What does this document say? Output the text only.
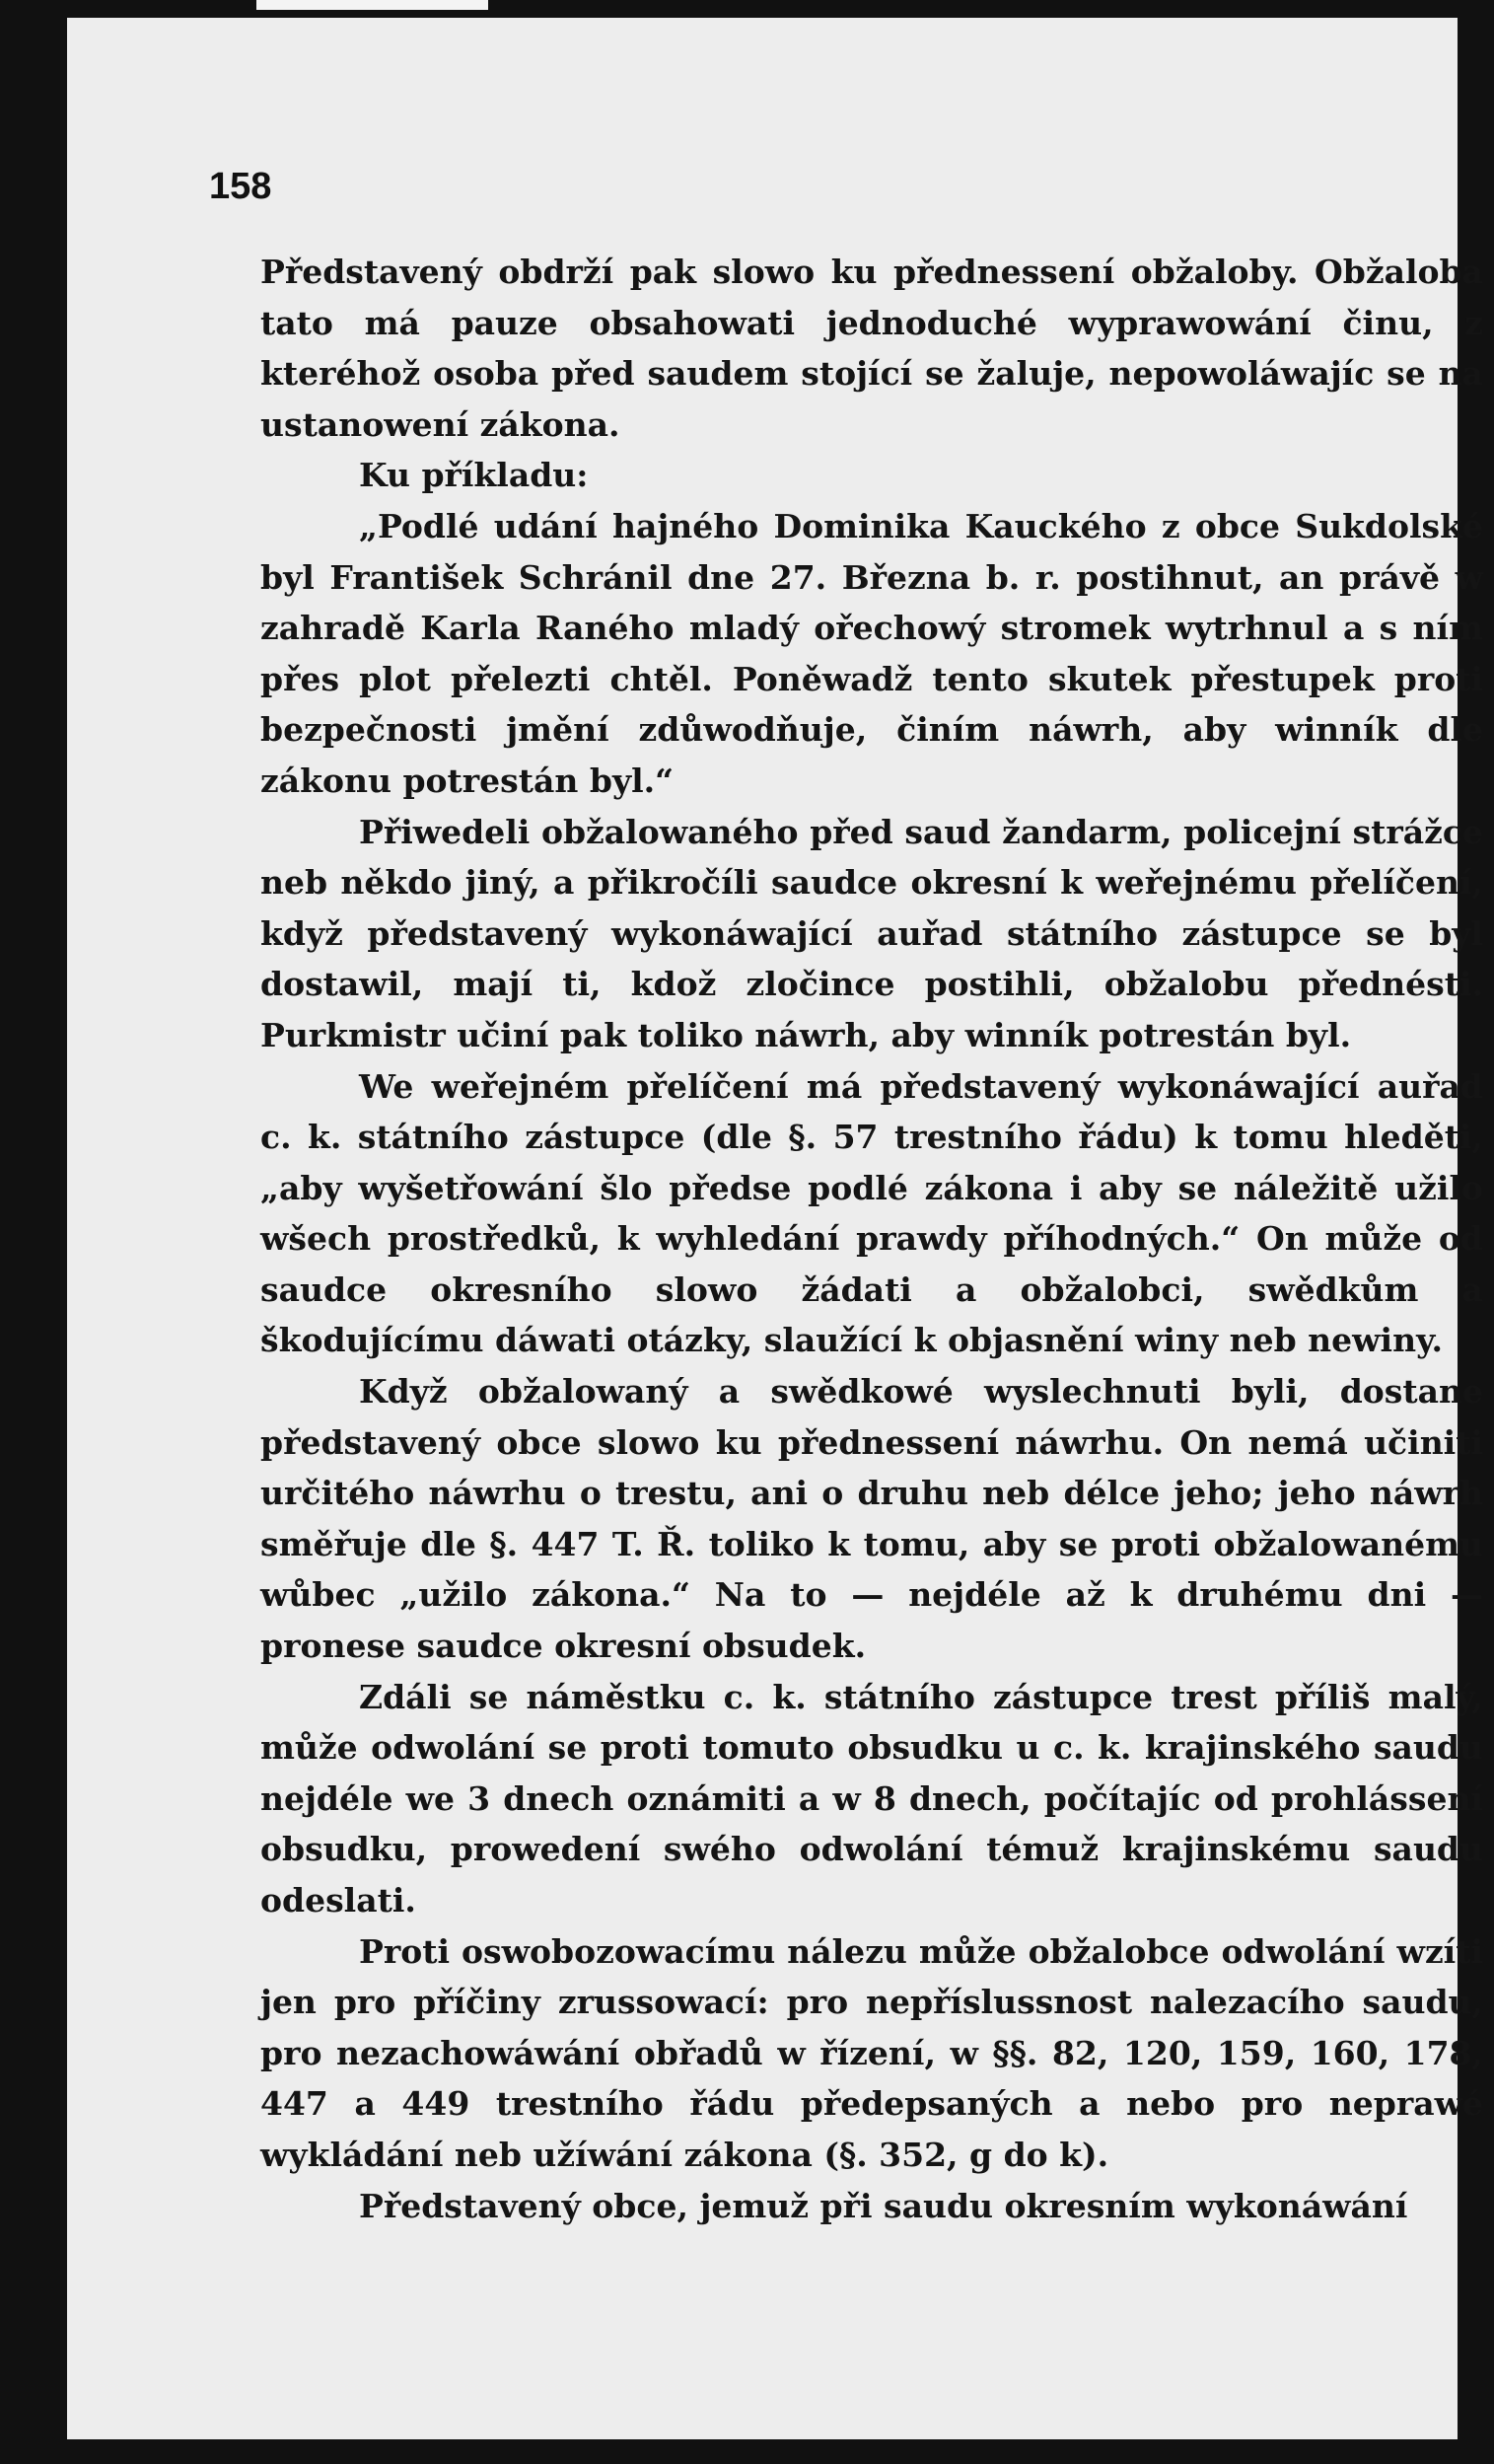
158

Představený obdrží pak slowo ku přednessení obžaloby. Obžaloba tato má pauze obsahowati jednoduché wyprawowání činu, z kteréhož osoba před saudem stojící se žaluje, nepowoláwajíc se na ustanowení zákona.

Ku příkladu:

„Podlé udání hajného Dominika Kauckého z obce Sukdolské byl František Schránil dne 27. Března b. r. postihnut, an právě w zahradě Karla Raného mladý ořechowý stromek wytrhnul a s ním přes plot přelezti chtěl. Poněwadž tento skutek přestupek proti bezpečnosti jmění zdůwodňuje, činím náwrh, aby winník dle zákonu potrestán byl.“

Přiwedeli obžalowaného před saud žandarm, policejní strážce neb někdo jiný, a přikročíli saudce okresní k weřejnému přelíčení, když představený wykonáwající auřad státního zástupce se byl dostawil, mají ti, kdož zločince postihli, obžalobu přednésti. Purkmistr učiní pak toliko náwrh, aby winník potrestán byl.

We weřejném přelíčení má představený wykonáwající auřad c. k. státního zástupce (dle §. 57 trestního řádu) k tomu hleděti, „aby wyšetřowání šlo předse podlé zákona i aby se náležitě užilo wšech prostředků, k wyhledání prawdy příhodných.“ On může od saudce okresního slowo žádati a obžalobci, swědkům a škodujícímu dáwati otázky, slaužící k objasnění winy neb newiny.

Když obžalowaný a swědkowé wyslechnuti byli, dostane představený obce slowo ku přednessení náwrhu. On nemá učiniti určitého náwrhu o trestu, ani o druhu neb délce jeho; jeho náwrh směřuje dle §. 447 T. Ř. toliko k tomu, aby se proti obžalowanému wůbec „užilo zákona.“ Na to — nejdéle až k druhému dni — pronese saudce okresní obsudek.

Zdáli se náměstku c. k. státního zástupce trest příliš malý, může odwolání se proti tomuto obsudku u c. k. krajinského saudu nejdéle we 3 dnech oznámiti a w 8 dnech, počítajíc od prohlássení obsudku, prowedení swého odwolání témuž krajinskému saudu odeslati.

Proti oswobozowacímu nálezu může obžalobce odwolání wzíti jen pro příčiny zrussowací: pro nepříslussnost nalezacího saudu, pro nezachowáwání obřadů w řízení, w §§. 82, 120, 159, 160, 178, 447 a 449 trestního řádu předepsaných a nebo pro neprawé wykládání neb užíwání zákona (§. 352, g do k).

Představený obce, jemuž při saudu okresním wykonáwání
